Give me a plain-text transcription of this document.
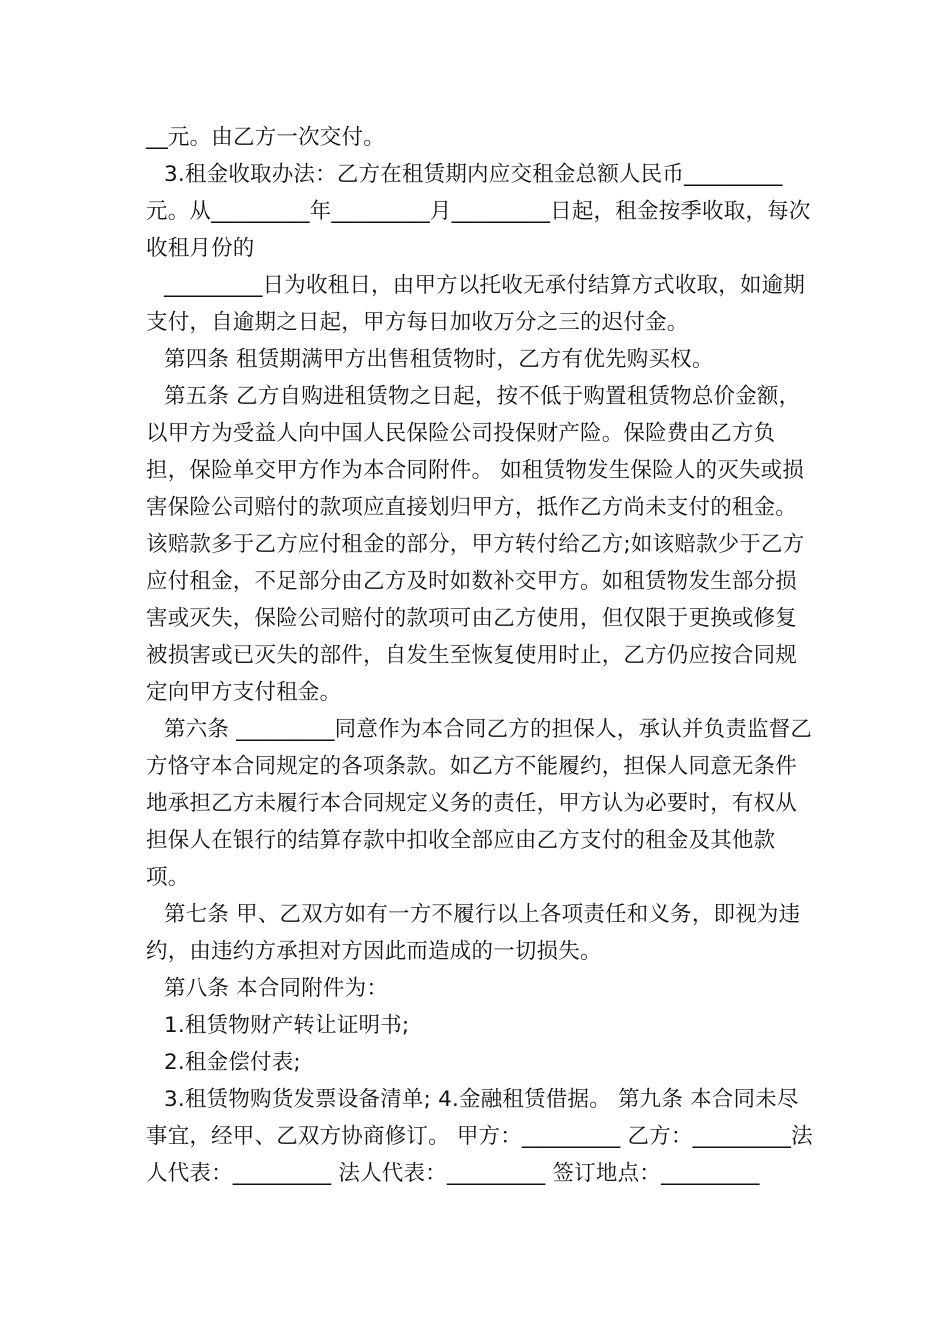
__元。由乙方一次交付。

3.租金收取办法：乙方在租赁期内应交租金总额人民币_________元。从_________年_________月_________日起，租金按季收取，每次收租月份的

_________日为收租日，由甲方以托收无承付结算方式收取，如逾期支付，自逾期之日起，甲方每日加收万分之三的迟付金。

第四条 租赁期满甲方出售租赁物时，乙方有优先购买权。

第五条 乙方自购进租赁物之日起，按不低于购置租赁物总价金额，以甲方为受益人向中国人民保险公司投保财产险。保险费由乙方负担，保险单交甲方作为本合同附件。 如租赁物发生保险人的灭失或损害保险公司赔付的款项应直接划归甲方，抵作乙方尚未支付的租金。该赔款多于乙方应付租金的部分，甲方转付给乙方;如该赔款少于乙方应付租金，不足部分由乙方及时如数补交甲方。如租赁物发生部分损害或灭失，保险公司赔付的款项可由乙方使用，但仅限于更换或修复被损害或已灭失的部件，自发生至恢复使用时止，乙方仍应按合同规定向甲方支付租金。

第六条 _________同意作为本合同乙方的担保人，承认并负责监督乙方恪守本合同规定的各项条款。如乙方不能履约，担保人同意无条件地承担乙方未履行本合同规定义务的责任，甲方认为必要时，有权从担保人在银行的结算存款中扣收全部应由乙方支付的租金及其他款项。

第七条 甲、乙双方如有一方不履行以上各项责任和义务，即视为违约，由违约方承担对方因此而造成的一切损失。

第八条 本合同附件为：

1.租赁物财产转让证明书;

2.租金偿付表;

3.租赁物购货发票设备清单; 4.金融租赁借据。 第九条 本合同未尽事宜，经甲、乙双方协商修订。 甲方：_________ 乙方：_________法人代表：_________ 法人代表：_________ 签订地点：_________
